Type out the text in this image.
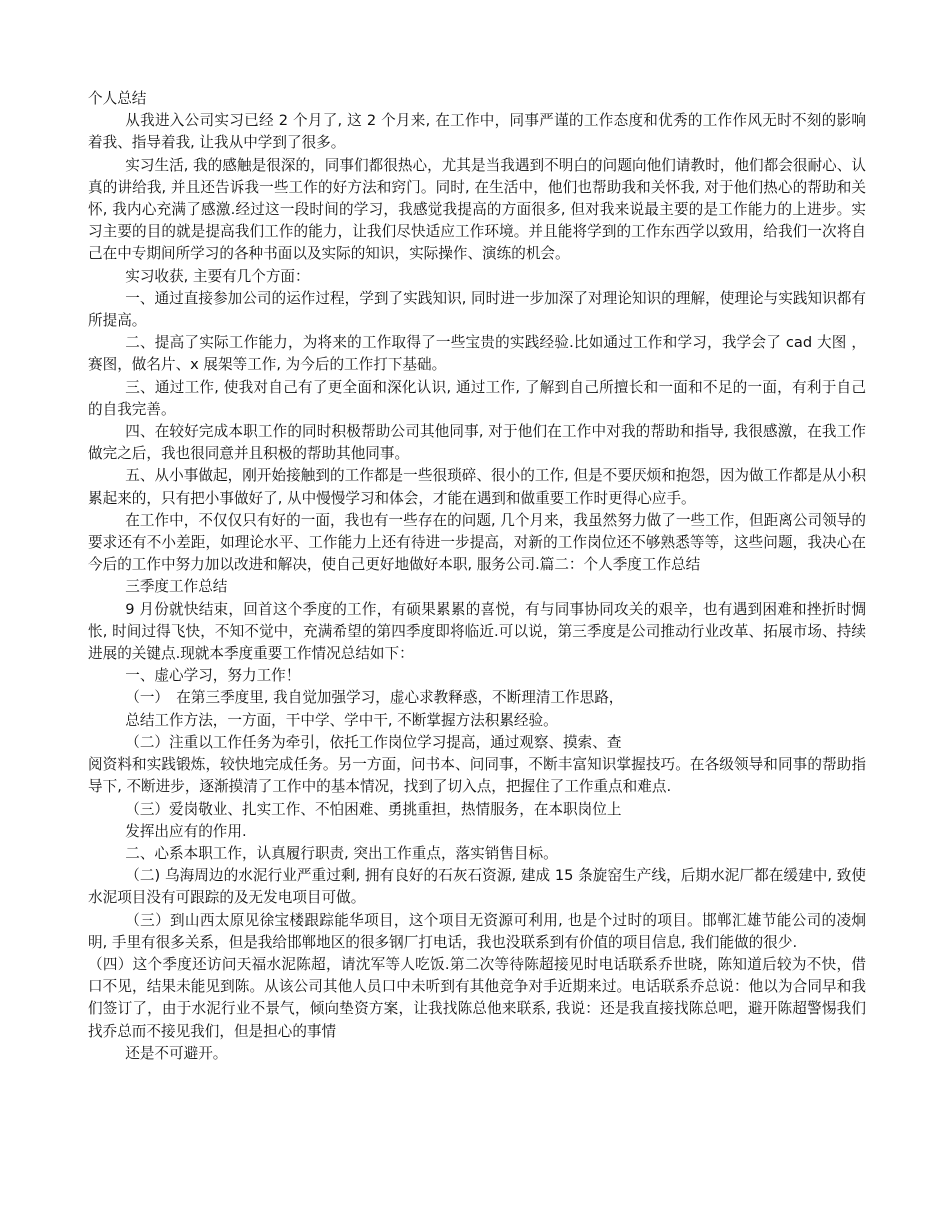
个人总结

从我进入公司实习已经 2 个月了, 这 2 个月来, 在工作中，同事严谨的工作态度和优秀的工作作风无时不刻的影响着我、指导着我, 让我从中学到了很多。

实习生活, 我的感触是很深的，同事们都很热心，尤其是当我遇到不明白的问题向他们请教时，他们都会很耐心、认真的讲给我, 并且还告诉我一些工作的好方法和窍门。同时, 在生活中，他们也帮助我和关怀我, 对于他们热心的帮助和关怀, 我内心充满了感激.经过这一段时间的学习，我感觉我提高的方面很多, 但对我来说最主要的是工作能力的上进步。实习主要的目的就是提高我们工作的能力，让我们尽快适应工作环境。并且能将学到的工作东西学以致用，给我们一次将自己在中专期间所学习的各种书面以及实际的知识，实际操作、演练的机会。

实习收获, 主要有几个方面：

一、通过直接参加公司的运作过程，学到了实践知识, 同时进一步加深了对理论知识的理解，使理论与实践知识都有所提高。

二、提高了实际工作能力，为将来的工作取得了一些宝贵的实践经验.比如通过工作和学习，我学会了 cad 大图 ，赛图，做名片、x 展架等工作, 为今后的工作打下基础。

三、通过工作, 使我对自己有了更全面和深化认识, 通过工作, 了解到自己所擅长和一面和不足的一面，有利于自己的自我完善。

四、在较好完成本职工作的同时积极帮助公司其他同事, 对于他们在工作中对我的帮助和指导, 我很感激，在我工作做完之后，我也很同意并且积极的帮助其他同事。

五、从小事做起，刚开始接触到的工作都是一些很琐碎、很小的工作, 但是不要厌烦和抱怨，因为做工作都是从小积累起来的，只有把小事做好了, 从中慢慢学习和体会，才能在遇到和做重要工作时更得心应手。

在工作中，不仅仅只有好的一面，我也有一些存在的问题, 几个月来，我虽然努力做了一些工作，但距离公司领导的要求还有不小差距，如理论水平、工作能力上还有待进一步提高，对新的工作岗位还不够熟悉等等，这些问题，我决心在今后的工作中努力加以改进和解决，使自己更好地做好本职, 服务公司.篇二：个人季度工作总结

三季度工作总结

9 月份就快结束，回首这个季度的工作，有硕果累累的喜悦，有与同事协同攻关的艰辛，也有遇到困难和挫折时惆怅, 时间过得飞快，不知不觉中，充满希望的第四季度即将临近.可以说，第三季度是公司推动行业改革、拓展市场、持续进展的关键点.现就本季度重要工作情况总结如下：

一、虚心学习，努力工作！

（一）　在第三季度里, 我自觉加强学习，虚心求教释惑，不断理清工作思路，

总结工作方法，一方面，干中学、学中干, 不断掌握方法积累经验。

（二）注重以工作任务为牵引，依托工作岗位学习提高，通过观察、摸索、查

阅资料和实践锻炼，较快地完成任务。另一方面，问书本、问同事，不断丰富知识掌握技巧。在各级领导和同事的帮助指导下, 不断进步，逐渐摸清了工作中的基本情况，找到了切入点，把握住了工作重点和难点.

（三）爱岗敬业、扎实工作、不怕困难、勇挑重担，热情服务，在本职岗位上

发挥出应有的作用.

二、心系本职工作，认真履行职责, 突出工作重点，落实销售目标。

（二) 乌海周边的水泥行业严重过剩, 拥有良好的石灰石资源, 建成 15 条旋窑生产线，后期水泥厂都在缓建中, 致使水泥项目没有可跟踪的及无发电项目可做。

（三）到山西太原见徐宝楼跟踪能华项目，这个项目无资源可利用, 也是个过时的项目。邯郸汇雄节能公司的凌炯明, 手里有很多关系，但是我给邯郸地区的很多钢厂打电话，我也没联系到有价值的项目信息, 我们能做的很少.

（四）这个季度还访问天福水泥陈超，请沈军等人吃饭.第二次等待陈超接见时电话联系乔世晓，陈知道后较为不快，借口不见，结果未能见到陈。从该公司其他人员口中未听到有其他竞争对手近期来过。电话联系乔总说：他以为合同早和我们签订了，由于水泥行业不景气，倾向垫资方案，让我找陈总他来联系, 我说：还是我直接找陈总吧，避开陈超警惕我们找乔总而不接见我们，但是担心的事情

还是不可避开。
